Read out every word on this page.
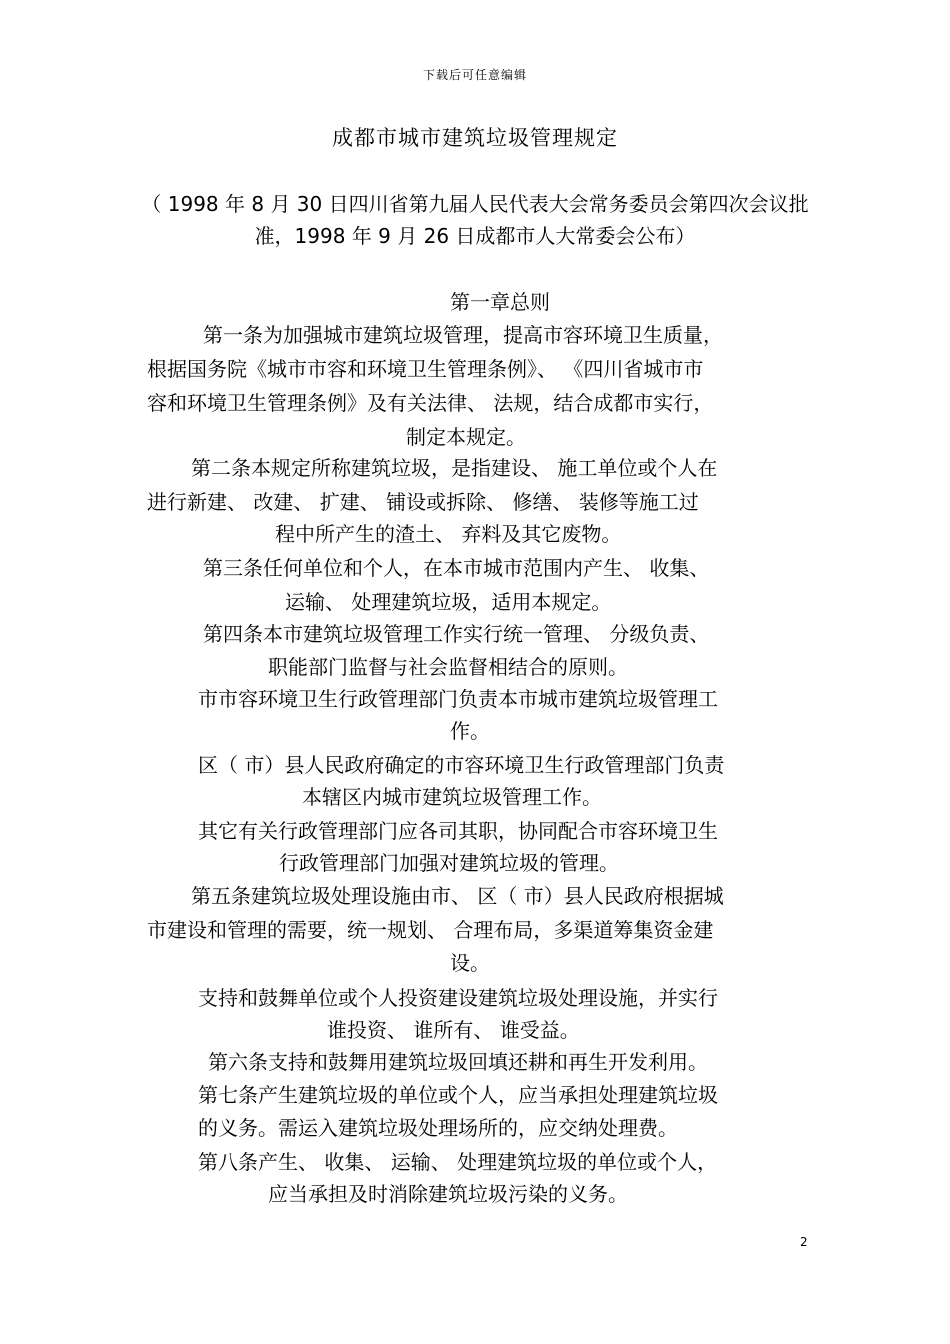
下载后可任意编辑
成都市城市建筑垃圾管理规定
（ 1998 年 8 月 30 日四川省第九届人民代表大会常务委员会第四次会议批准，1998 年 9 月 26 日成都市人大常委会公布）
第一章总则
第一条为加强城市建筑垃圾管理，提高市容环境卫生质量，
根据国务院《城市市容和环境卫生管理条例》、 《四川省城市市
容和环境卫生管理条例》及有关法律、 法规，结合成都市实行，
制定本规定。
第二条本规定所称建筑垃圾，是指建设、 施工单位或个人在
进行新建、 改建、 扩建、 铺设或拆除、 修缮、 装修等施工过
程中所产生的渣土、 弃料及其它废物。
第三条任何单位和个人，在本市城市范围内产生、 收集、
运输、 处理建筑垃圾，适用本规定。
第四条本市建筑垃圾管理工作实行统一管理、 分级负责、
职能部门监督与社会监督相结合的原则。
市市容环境卫生行政管理部门负责本市城市建筑垃圾管理工
作。
区（ 市）县人民政府确定的市容环境卫生行政管理部门负责
本辖区内城市建筑垃圾管理工作。
其它有关行政管理部门应各司其职，协同配合市容环境卫生
行政管理部门加强对建筑垃圾的管理。
第五条建筑垃圾处理设施由市、 区（ 市）县人民政府根据城
市建设和管理的需要，统一规划、 合理布局，多渠道筹集资金建
设。
支持和鼓舞单位或个人投资建设建筑垃圾处理设施，并实行
谁投资、 谁所有、 谁受益。
第六条支持和鼓舞用建筑垃圾回填还耕和再生开发利用。
第七条产生建筑垃圾的单位或个人，应当承担处理建筑垃圾
的义务。需运入建筑垃圾处理场所的，应交纳处理费。
第八条产生、 收集、 运输、 处理建筑垃圾的单位或个人，
应当承担及时消除建筑垃圾污染的义务。
2
